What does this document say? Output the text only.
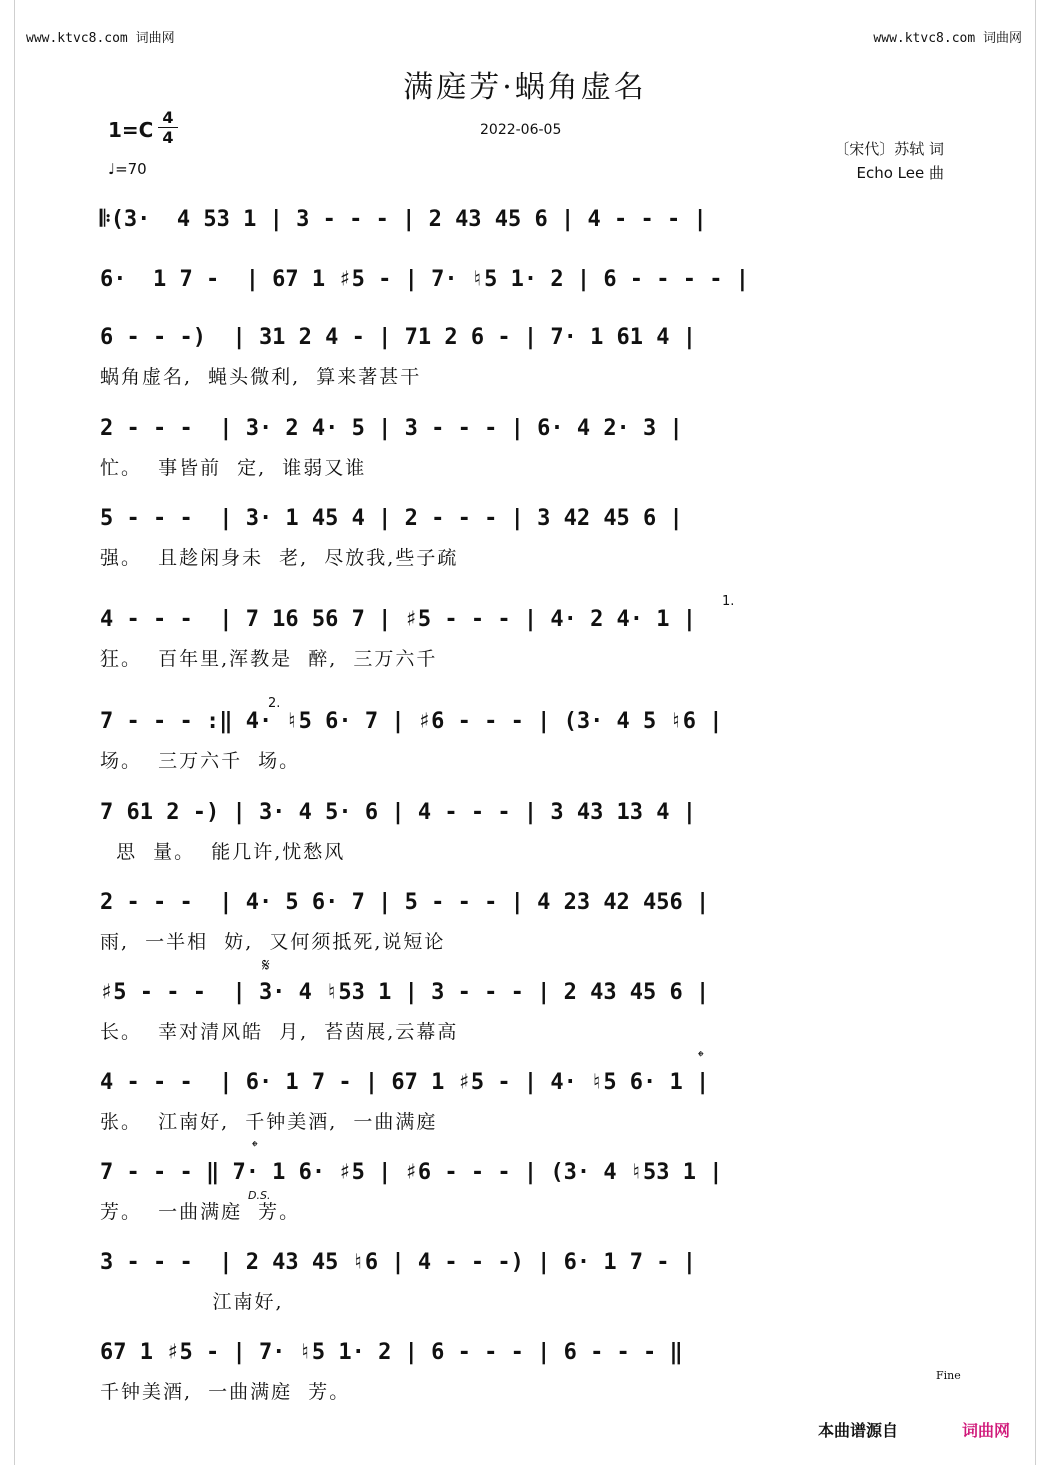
www.ktvc8.com 词曲网	www.ktvc8.com 词曲网
满庭芳·蜗角虚名
1=C
4
4
♩=70
2022-06-05
〔宋代〕苏轼 词
Echo Lee 曲
𝄆(3·  4 53 1 | 3 - - - | 2 43 45 6 | 4 - - - |
6·  1 7 -  | 67 1 ♯5 - | 7· ♮5 1· 2 | 6 - - - - |
6 - - -)  | 31 2 4 - | 71 2 6 - | 7· 1 61 4 |
蜗角虚名,  蝇头微利,  算来著甚干
2 - - -  | 3· 2 4· 5 | 3 - - - | 6· 4 2· 3 |
忙。  事皆前  定,  谁弱又谁
5 - - -  | 3· 1 45 4 | 2 - - - | 3 42 45 6 |
强。  且趁闲身未  老,  尽放我,些子疏
4 - - -  | 7 16 56 7 | ♯5 - - - | 4· 2 4· 1 |
狂。  百年里,浑教是  醉,  三万六千
1.
7 - - - :‖ 4· ♮5 6· 7 | ♯6 - - - | (3· 4 5 ♮6 |
场。  三万六千  场。
2.
7 61 2 -) | 3· 4 5· 6 | 4 - - - | 3 43 13 4 |
思  量。  能几许,忧愁风
2 - - -  | 4· 5 6· 7 | 5 - - - | 4 23 42 456 |
雨,  一半相  妨,  又何须抵死,说短论
♯5 - - -  | 3· 4 ♮53 1 | 3 - - - | 2 43 45 6 |
长。  幸对清风皓  月,  苔茵展,云幕高
𝄋
4 - - -  | 6· 1 7 - | 67 1 ♯5 - | 4· ♮5 6· 1 |
张。  江南好,  千钟美酒,  一曲满庭
𝄌
7 - - - ‖ 7· 1 6· ♯5 | ♯6 - - - | (3· 4 ♮53 1 |
芳。  一曲满庭  芳。
𝄌
D.S.
3 - - -  | 2 43 45 ♮6 | 4 - - -) | 6· 1 7 - |
江南好,
67 1 ♯5 - | 7· ♮5 1· 2 | 6 - - - | 6 - - - ‖
千钟美酒,  一曲满庭  芳。
Fine
本曲谱源自	词曲网
